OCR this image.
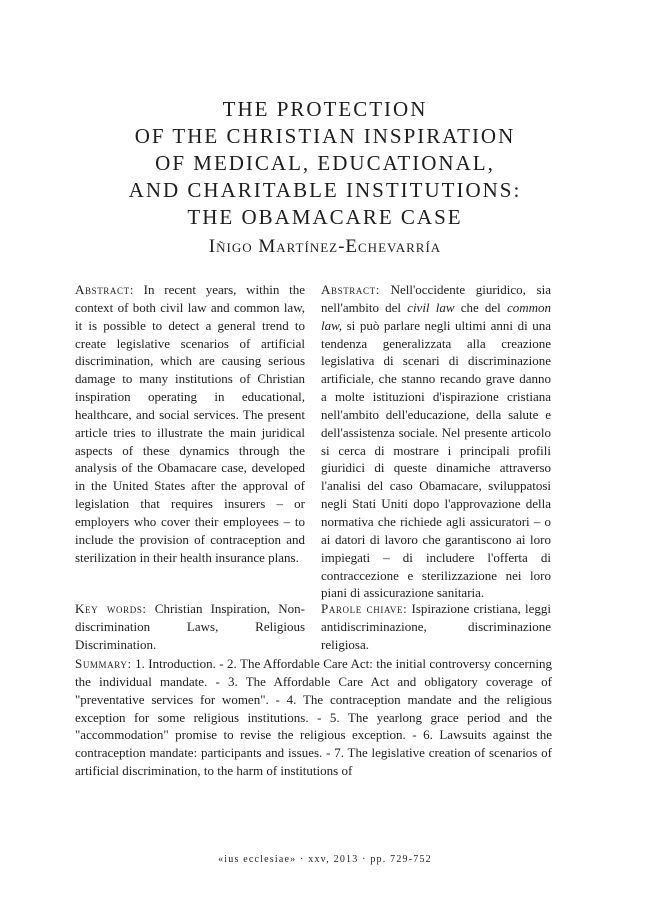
THE PROTECTION
OF THE CHRISTIAN INSPIRATION
OF MEDICAL, EDUCATIONAL,
AND CHARITABLE INSTITUTIONS:
THE OBAMACARE CASE
Iñigo Martínez-Echevarría

Abstract: In recent years, within the context of both civil law and common law, it is possible to detect a general trend to create legislative scenarios of artificial discrimination, which are causing serious damage to many institutions of Christian inspiration operating in educational, healthcare, and social services. The present article tries to illustrate the main juridical aspects of these dynamics through the analysis of the Obamacare case, developed in the United States after the approval of legislation that requires insurers – or employers who cover their employees – to include the provision of contraception and sterilization in their health insurance plans.

Abstract: Nell'occidente giuridico, sia nell'ambito del civil law che del common law, si può parlare negli ultimi anni di una tendenza generalizzata alla creazione legislativa di scenari di discriminazione artificiale, che stanno recando grave danno a molte istituzioni d'ispirazione cristiana nell'ambito dell'educazione, della salute e dell'assistenza sociale. Nel presente articolo si cerca di mostrare i principali profili giuridici di queste dinamiche attraverso l'analisi del caso Obamacare, sviluppatosi negli Stati Uniti dopo l'approvazione della normativa che richiede agli assicuratori – o ai datori di lavoro che garantiscono ai loro impiegati – di includere l'offerta di contraccezione e sterilizzazione nei loro piani di assicurazione sanitaria.

Key words: Christian Inspiration, Non-discrimination Laws, Religious Discrimination.

Parole chiave: Ispirazione cristiana, leggi antidiscriminazione, discriminazione religiosa.

Summary: 1. Introduction. - 2. The Affordable Care Act: the initial controversy concerning the individual mandate. - 3. The Affordable Care Act and obligatory coverage of "preventative services for women". - 4. The contraception mandate and the religious exception for some religious institutions. - 5. The yearlong grace period and the "accommodation" promise to revise the religious exception. - 6. Lawsuits against the contraception mandate: participants and issues. - 7. The legislative creation of scenarios of artificial discrimination, to the harm of institutions of

«ius ecclesiae» · xxv, 2013 · pp. 729-752
